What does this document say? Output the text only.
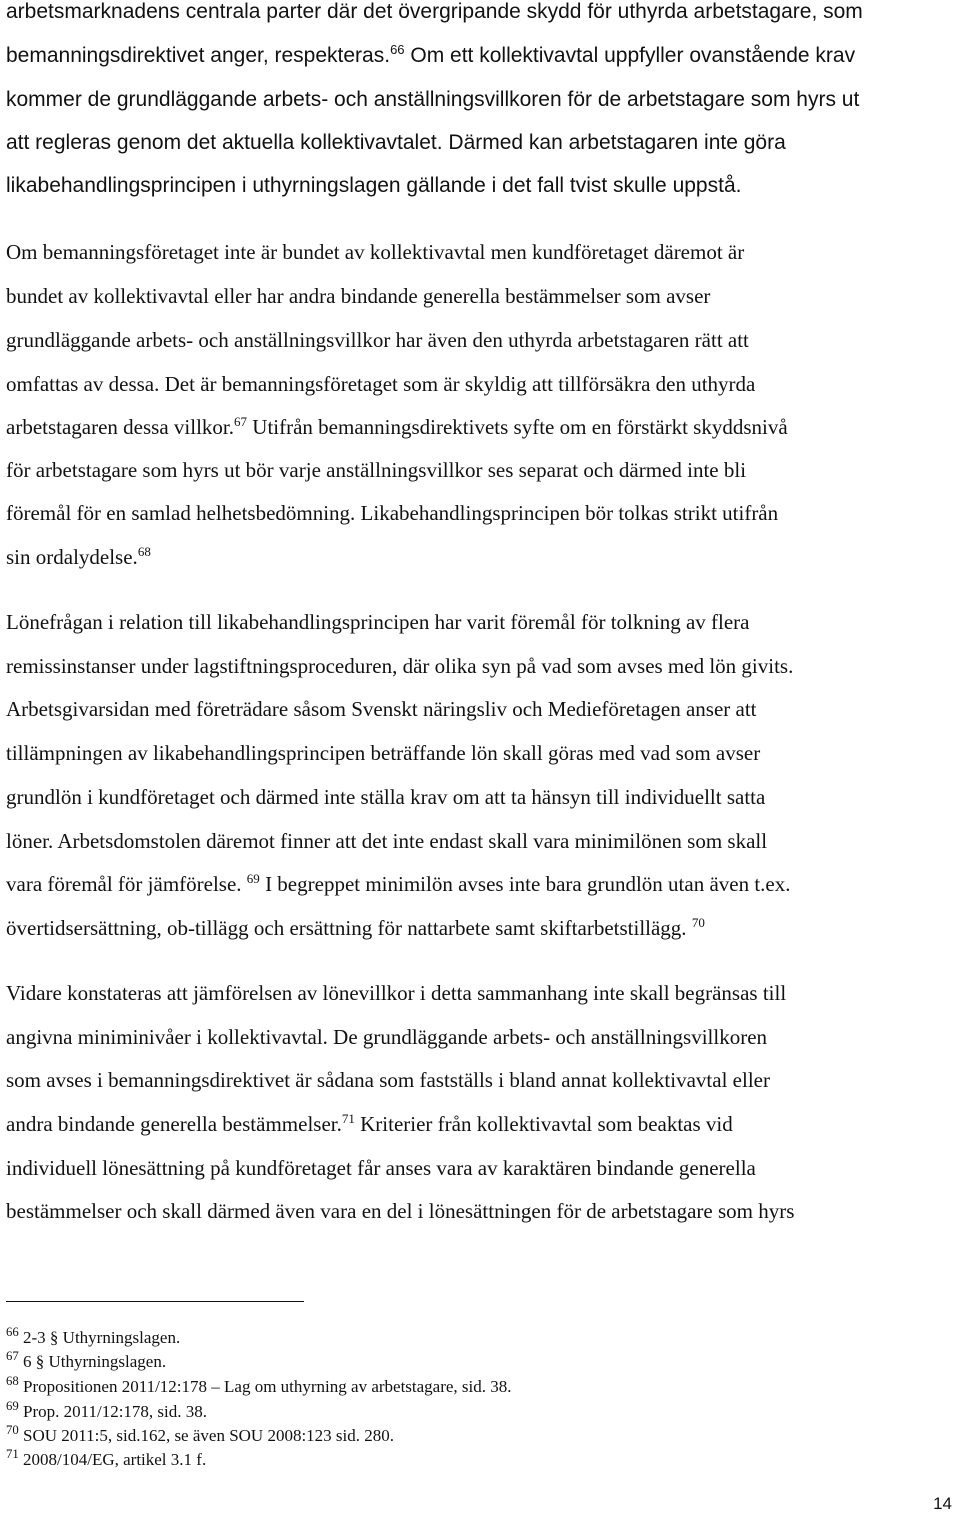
arbetsmarknadens centrala parter där det övergripande skydd för uthyrda arbetstagare, som
bemanningsdirektivet anger, respekteras.$^{66}$ Om ett kollektivavtal uppfyller ovanstående krav
kommer de grundläggande arbets- och anställningsvillkoren för de arbetstagare som hyrs ut
att regleras genom det aktuella kollektivavtalet. Därmed kan arbetstagaren inte göra
likabehandlingsprincipen i uthyrningslagen gällande i det fall tvist skulle uppstå.
Om bemanningsföretaget inte är bundet av kollektivavtal men kundföretaget däremot är
bundet av kollektivavtal eller har andra bindande generella bestämmelser som avser
grundläggande arbets- och anställningsvillkor har även den uthyrda arbetstagaren rätt att
omfattas av dessa. Det är bemanningsföretaget som är skyldig att tillförsäkra den uthyrda
arbetstagaren dessa villkor.$^{67}$ Utifrån bemanningsdirektivets syfte om en förstärkt skyddsnivå
för arbetstagare som hyrs ut bör varje anställningsvillkor ses separat och därmed inte bli
föremål för en samlad helhetsbedömning. Likabehandlingsprincipen bör tolkas strikt utifrån
sin ordalydelse.$^{68}$
Lönefrågan i relation till likabehandlingsprincipen har varit föremål för tolkning av flera
remissinstanser under lagstiftningsproceduren, där olika syn på vad som avses med lön givits.
Arbetsgivarsidan med företrädare såsom Svenskt näringsliv och Medieföretagen anser att
tillämpningen av likabehandlingsprincipen beträffande lön skall göras med vad som avser
grundlön i kundföretaget och därmed inte ställa krav om att ta hänsyn till individuellt satta
löner. Arbetsdomstolen däremot finner att det inte endast skall vara minimilönen som skall
vara föremål för jämförelse. $^{69}$ I begreppet minimilön avses inte bara grundlön utan även t.ex.
övertidsersättning, ob-tillägg och ersättning för nattarbete samt skiftarbetstillägg. $^{70}$
Vidare konstateras att jämförelsen av lönevillkor i detta sammanhang inte skall begränsas till
angivna miniminivåer i kollektivavtal. De grundläggande arbets- och anställningsvillkoren
som avses i bemanningsdirektivet är sådana som fastställs i bland annat kollektivavtal eller
andra bindande generella bestämmelser.$^{71}$ Kriterier från kollektivavtal som beaktas vid
individuell lönesättning på kundföretaget får anses vara av karaktären bindande generella
bestämmelser och skall därmed även vara en del i lönesättningen för de arbetstagare som hyrs
$^{66}$ 2-3 § Uthyrningslagen.
$^{67}$ 6 § Uthyrningslagen.
$^{68}$ Propositionen 2011/12:178 – Lag om uthyrning av arbetstagare, sid. 38.
$^{69}$ Prop. 2011/12:178, sid. 38.
$^{70}$ SOU 2011:5, sid.162, se även SOU 2008:123 sid. 280.
$^{71}$ 2008/104/EG, artikel 3.1 f.
14
